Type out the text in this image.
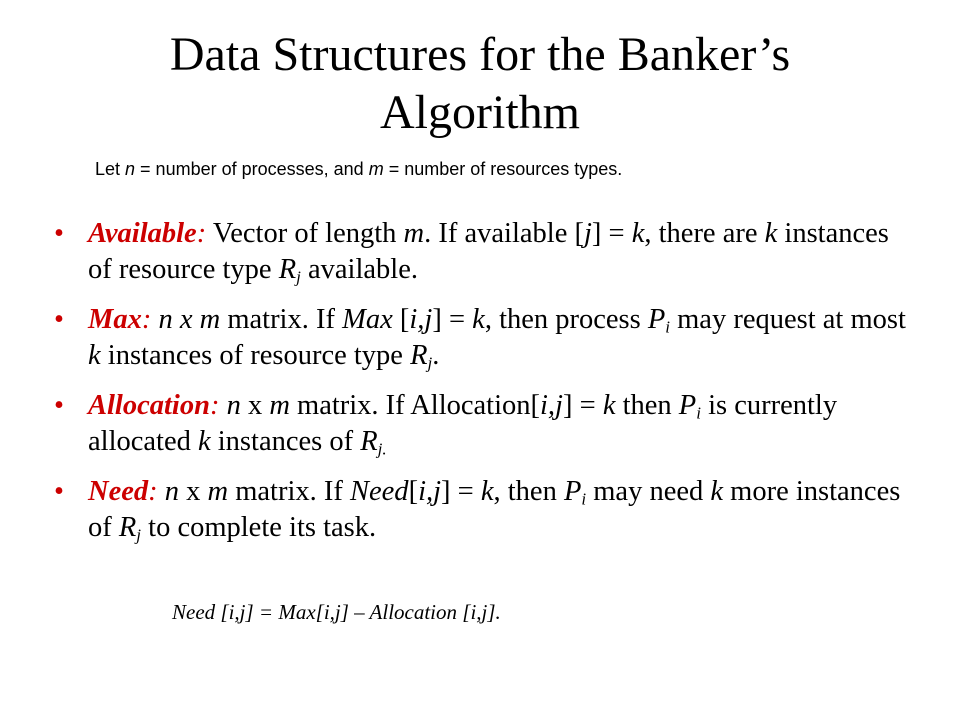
Data Structures for the Banker’s
Algorithm

Let n = number of processes, and m = number of resources types.

• Available: Vector of length m. If available [j] = k, there are k instances of resource type $R_j$ available.
• Max: n x m matrix. If Max [i,j] = k, then process $P_i$ may request at most k instances of resource type $R_j$.
• Allocation: n x m matrix. If Allocation[i,j] = k then $P_i$ is currently allocated k instances of $R_{j.}$
• Need: n x m matrix. If Need[i,j] = k, then $P_i$ may need k more instances of $R_j$ to complete its task.

Need [i,j] = Max[i,j] – Allocation [i,j].
